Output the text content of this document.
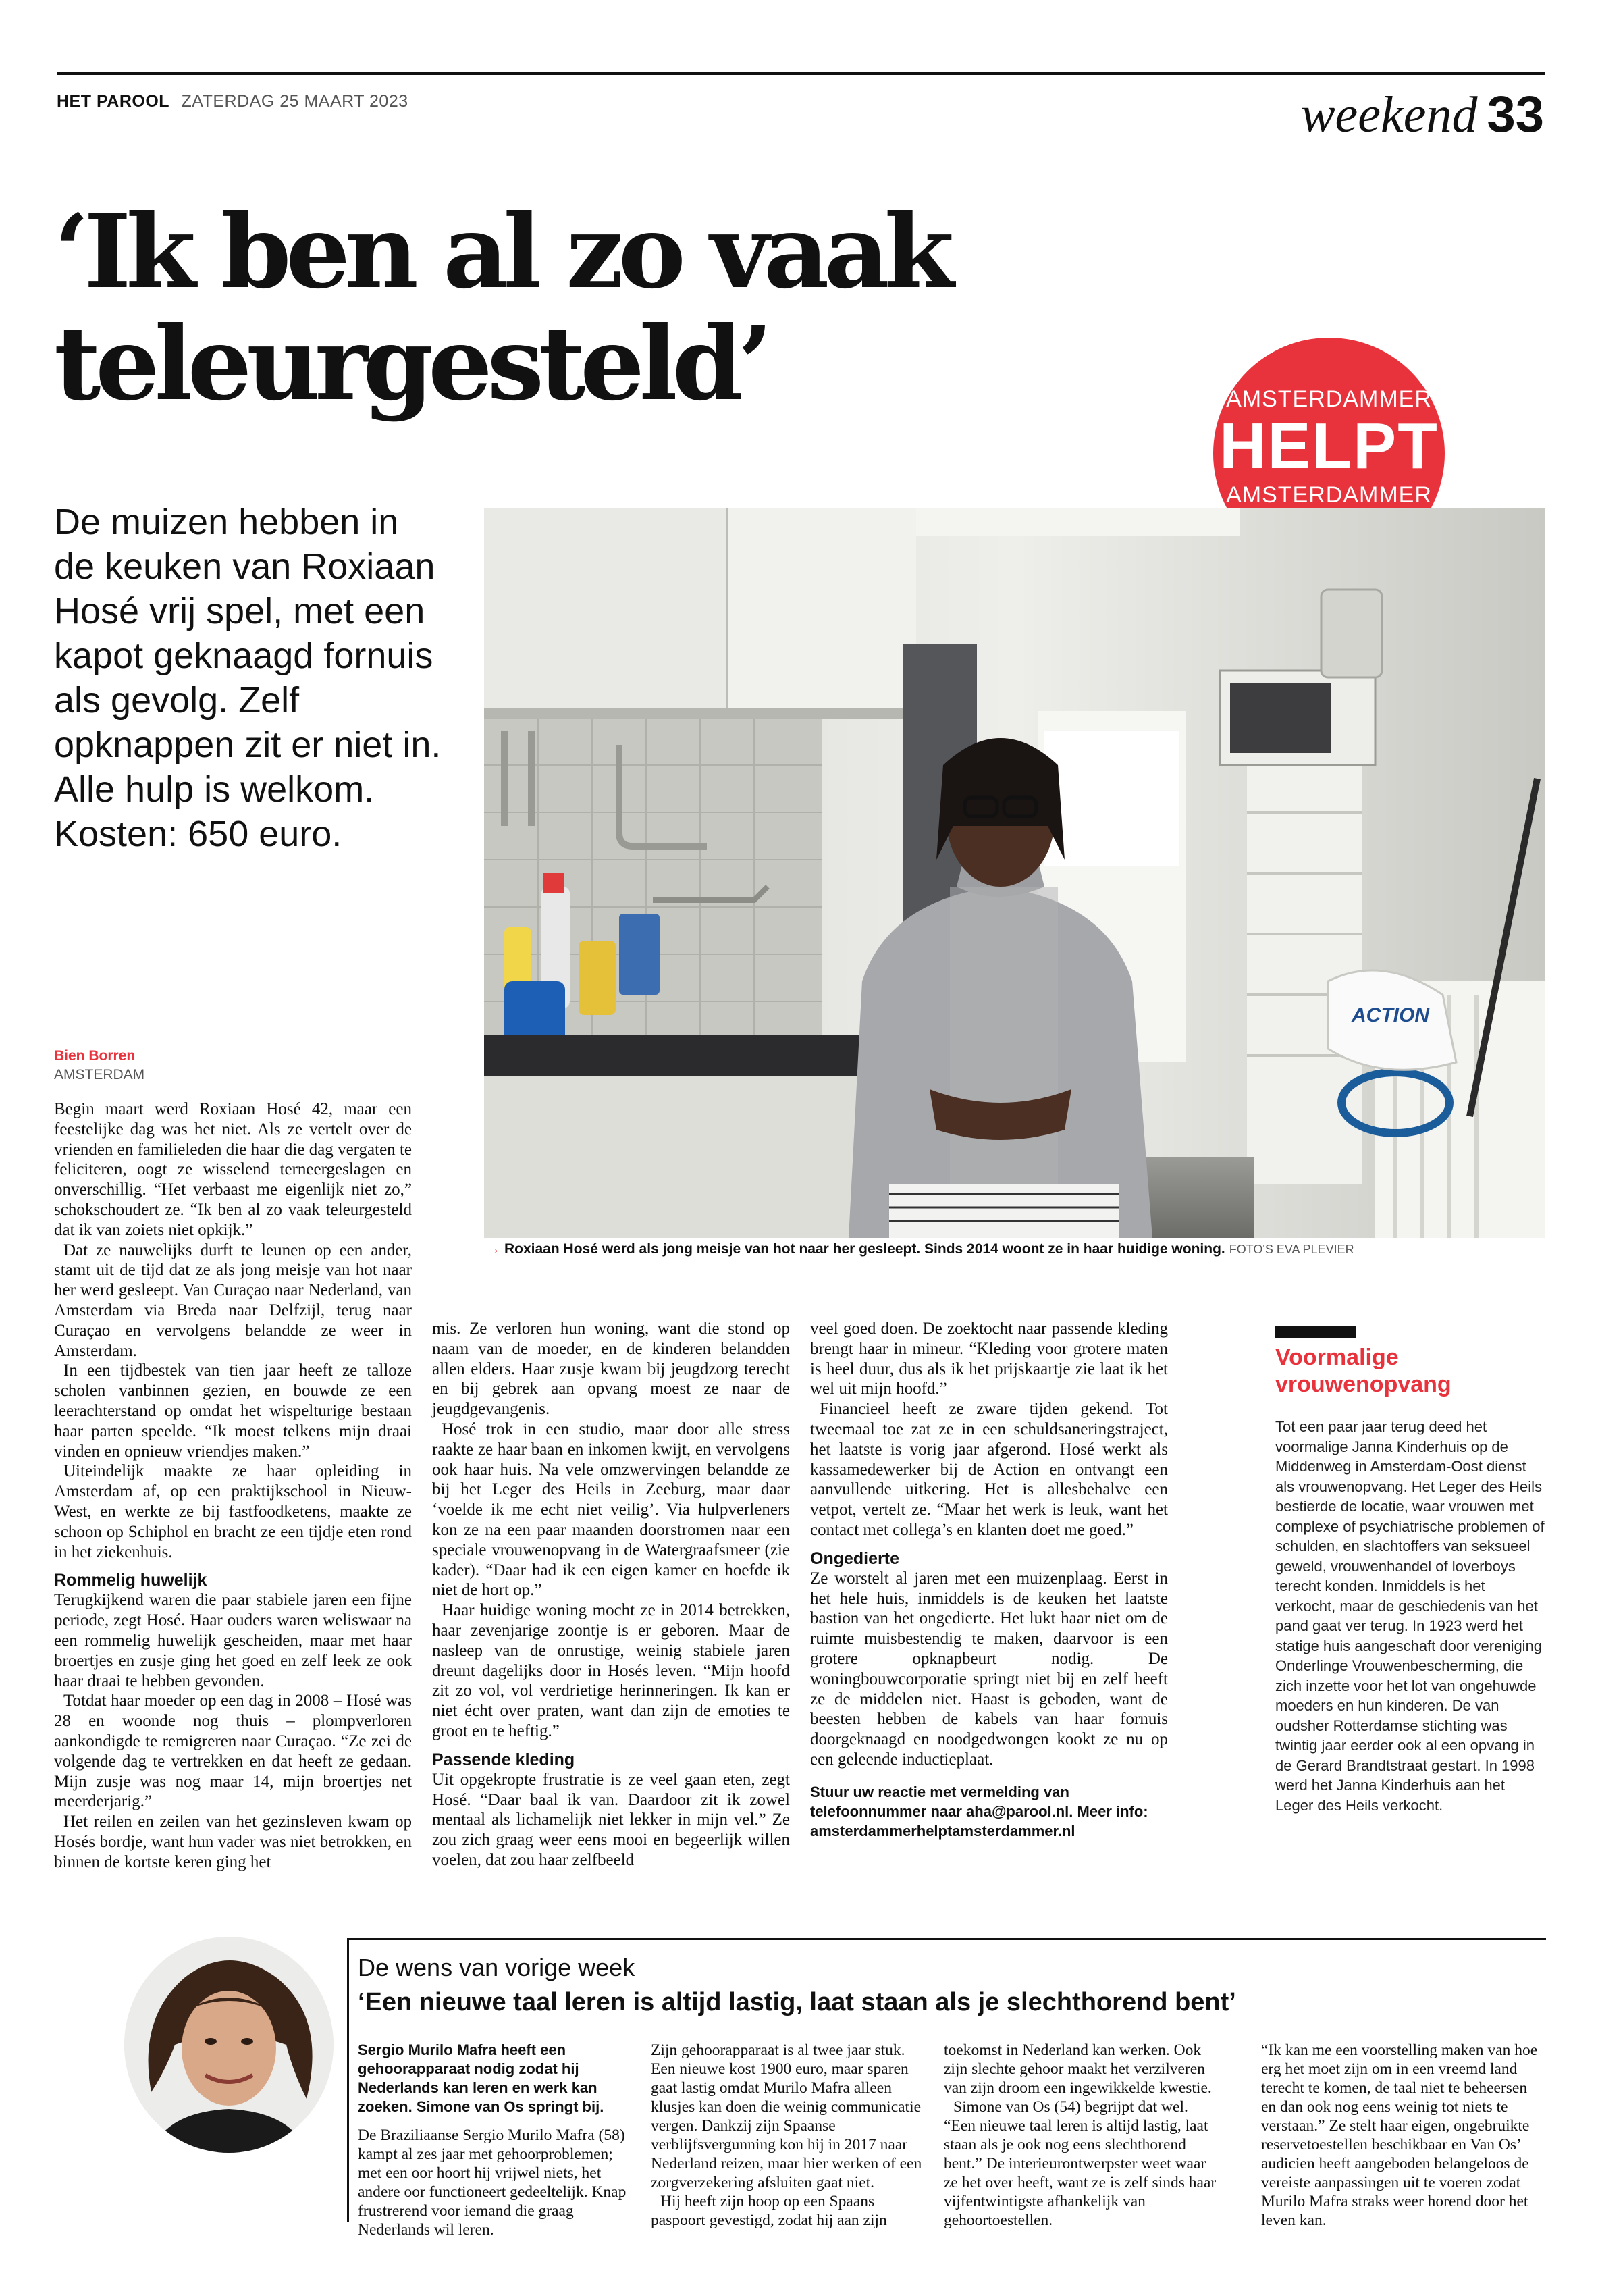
HET PAROOL ZATERDAG 25 MAART 2023	weekend 33
‘Ik ben al zo vaak
teleurgesteld’	AMSTERDAMMER
HELPT
AMSTERDAMMER
De muizen hebben in de keuken van Roxiaan Hosé vrij spel, met een kapot geknaagd fornuis als gevolg. Zelf opknappen zit er niet in. Alle hulp is welkom. Kosten: 650 euro.
ACTION
→ Roxiaan Hosé werd als jong meisje van hot naar her gesleept. Sinds 2014 woont ze in haar huidige woning. FOTO'S EVA PLEVIER
Bien Borren
AMSTERDAM

Begin maart werd Roxiaan Hosé 42, maar een feestelijke dag was het niet. Als ze vertelt over de vrienden en familieleden die haar die dag vergaten te feliciteren, oogt ze wisselend terneergeslagen en onverschillig. “Het verbaast me eigenlijk niet zo,” schokschoudert ze. “Ik ben al zo vaak teleurgesteld dat ik van zoiets niet opkijk.”

Dat ze nauwelijks durft te leunen op een ander, stamt uit de tijd dat ze als jong meisje van hot naar her werd gesleept. Van Curaçao naar Nederland, van Amsterdam via Breda naar Delfzijl, terug naar Curaçao en vervolgens belandde ze weer in Amsterdam.

In een tijdbestek van tien jaar heeft ze talloze scholen vanbinnen gezien, en bouwde ze een leerachterstand op omdat het wispelturige bestaan haar parten speelde. “Ik moest telkens mijn draai vinden en opnieuw vriendjes maken.”

Uiteindelijk maakte ze haar opleiding in Amsterdam af, op een praktijkschool in Nieuw-West, en werkte ze bij fastfoodketens, maakte ze schoon op Schiphol en bracht ze een tijdje eten rond in het ziekenhuis.

Rommelig huwelijk

Terugkijkend waren die paar stabiele jaren een fijne periode, zegt Hosé. Haar ouders waren weliswaar na een rommelig huwelijk gescheiden, maar met haar broertjes en zusje ging het goed en zelf leek ze ook haar draai te hebben gevonden.

Totdat haar moeder op een dag in 2008 – Hosé was 28 en woonde nog thuis – plompverloren aankondigde te remigreren naar Curaçao. “Ze zei de volgende dag te vertrekken en dat heeft ze gedaan. Mijn zusje was nog maar 14, mijn broertjes net meerderjarig.”

Het reilen en zeilen van het gezinsleven kwam op Hosés bordje, want hun vader was niet betrokken, en binnen de kortste keren ging het

mis. Ze verloren hun woning, want die stond op naam van de moeder, en de kinderen belandden allen elders. Haar zusje kwam bij jeugdzorg terecht en bij gebrek aan opvang moest ze naar de jeugdgevangenis.

Hosé trok in een studio, maar door alle stress raakte ze haar baan en inkomen kwijt, en vervolgens ook haar huis. Na vele omzwervingen belandde ze bij het Leger des Heils in Zeeburg, maar daar ‘voelde ik me echt niet veilig’. Via hulpverleners kon ze na een paar maanden doorstromen naar een speciale vrouwenopvang in de Watergraafsmeer (zie kader). “Daar had ik een eigen kamer en hoefde ik niet de hort op.”

Haar huidige woning mocht ze in 2014 betrekken, haar zevenjarige zoontje is er geboren. Maar de nasleep van de onrustige, weinig stabiele jaren dreunt dagelijks door in Hosés leven. “Mijn hoofd zit zo vol, vol verdrietige herinneringen. Ik kan er niet écht over praten, want dan zijn de emoties te groot en te heftig.”

Passende kleding

Uit opgekropte frustratie is ze veel gaan eten, zegt Hosé. “Daar baal ik van. Daardoor zit ik zowel mentaal als lichamelijk niet lekker in mijn vel.” Ze zou zich graag weer eens mooi en begeerlijk willen voelen, dat zou haar zelfbeeld

veel goed doen. De zoektocht naar passende kleding brengt haar in mineur. “Kleding voor grotere maten is heel duur, dus als ik het prijskaartje zie laat ik het wel uit mijn hoofd.”

Financieel heeft ze zware tijden gekend. Tot tweemaal toe zat ze in een schuldsaneringstraject, het laatste is vorig jaar afgerond. Hosé werkt als kassamedewerker bij de Action en ontvangt een aanvullende uitkering. Het is allesbehalve een vetpot, vertelt ze. “Maar het werk is leuk, want het contact met collega’s en klanten doet me goed.”

Ongedierte

Ze worstelt al jaren met een muizenplaag. Eerst in het hele huis, inmiddels is de keuken het laatste bastion van het ongedierte. Het lukt haar niet om de ruimte muisbestendig te maken, daarvoor is een grotere opknapbeurt nodig. De woningbouwcorporatie springt niet bij en zelf heeft ze de middelen niet. Haast is geboden, want de beesten hebben de kabels van haar fornuis doorgeknaagd en noodgedwongen kookt ze nu op een geleende inductieplaat.

Stuur uw reactie met vermelding van telefoonnummer naar aha@parool.nl. Meer info: amsterdammerhelptamsterdammer.nl
Voormalige vrouwenopvang
Tot een paar jaar terug deed het voormalige Janna Kinderhuis op de Middenweg in Amsterdam-Oost dienst als vrouwenopvang. Het Leger des Heils bestierde de locatie, waar vrouwen met complexe of psychiatrische problemen of schulden, en slachtoffers van seksueel geweld, vrouwenhandel of loverboys terecht konden. Inmiddels is het verkocht, maar de geschiedenis van het pand gaat ver terug. In 1923 werd het statige huis aangeschaft door vereniging Onderlinge Vrouwenbescherming, die zich inzette voor het lot van ongehuwde moeders en hun kinderen. De van oudsher Rotterdamse stichting was twintig jaar eerder ook al een opvang in de Gerard Brandtstraat gestart. In 1998 werd het Janna Kinderhuis aan het Leger des Heils verkocht.
De wens van vorige week
‘Een nieuwe taal leren is altijd lastig, laat staan als je slechthorend bent’
Sergio Murilo Mafra heeft een gehoorapparaat nodig zodat hij Nederlands kan leren en werk kan zoeken. Simone van Os springt bij.

De Braziliaanse Sergio Murilo Mafra (58) kampt al zes jaar met gehoorproblemen; met een oor hoort hij vrijwel niets, het andere oor functioneert gedeeltelijk. Knap frustrerend voor iemand die graag Nederlands wil leren.

Zijn gehoorapparaat is al twee jaar stuk. Een nieuwe kost 1900 euro, maar sparen gaat lastig omdat Murilo Mafra alleen klusjes kan doen die weinig communicatie vergen. Dankzij zijn Spaanse verblijfsvergunning kon hij in 2017 naar Nederland reizen, maar hier werken of een zorgverzekering afsluiten gaat niet.

Hij heeft zijn hoop op een Spaans paspoort gevestigd, zodat hij aan zijn

toekomst in Nederland kan werken. Ook zijn slechte gehoor maakt het verzilveren van zijn droom een ingewikkelde kwestie.

Simone van Os (54) begrijpt dat wel. “Een nieuwe taal leren is altijd lastig, laat staan als je ook nog eens slechthorend bent.” De interieurontwerpster weet waar ze het over heeft, want ze is zelf sinds haar vijfentwintigste afhankelijk van gehoortoestellen.

“Ik kan me een voorstelling maken van hoe erg het moet zijn om in een vreemd land terecht te komen, de taal niet te beheersen en dan ook nog eens weinig tot niets te verstaan.” Ze stelt haar eigen, ongebruikte reservetoestellen beschikbaar en Van Os’ audicien heeft aangeboden belangeloos de vereiste aanpassingen uit te voeren zodat Murilo Mafra straks weer horend door het leven kan.
